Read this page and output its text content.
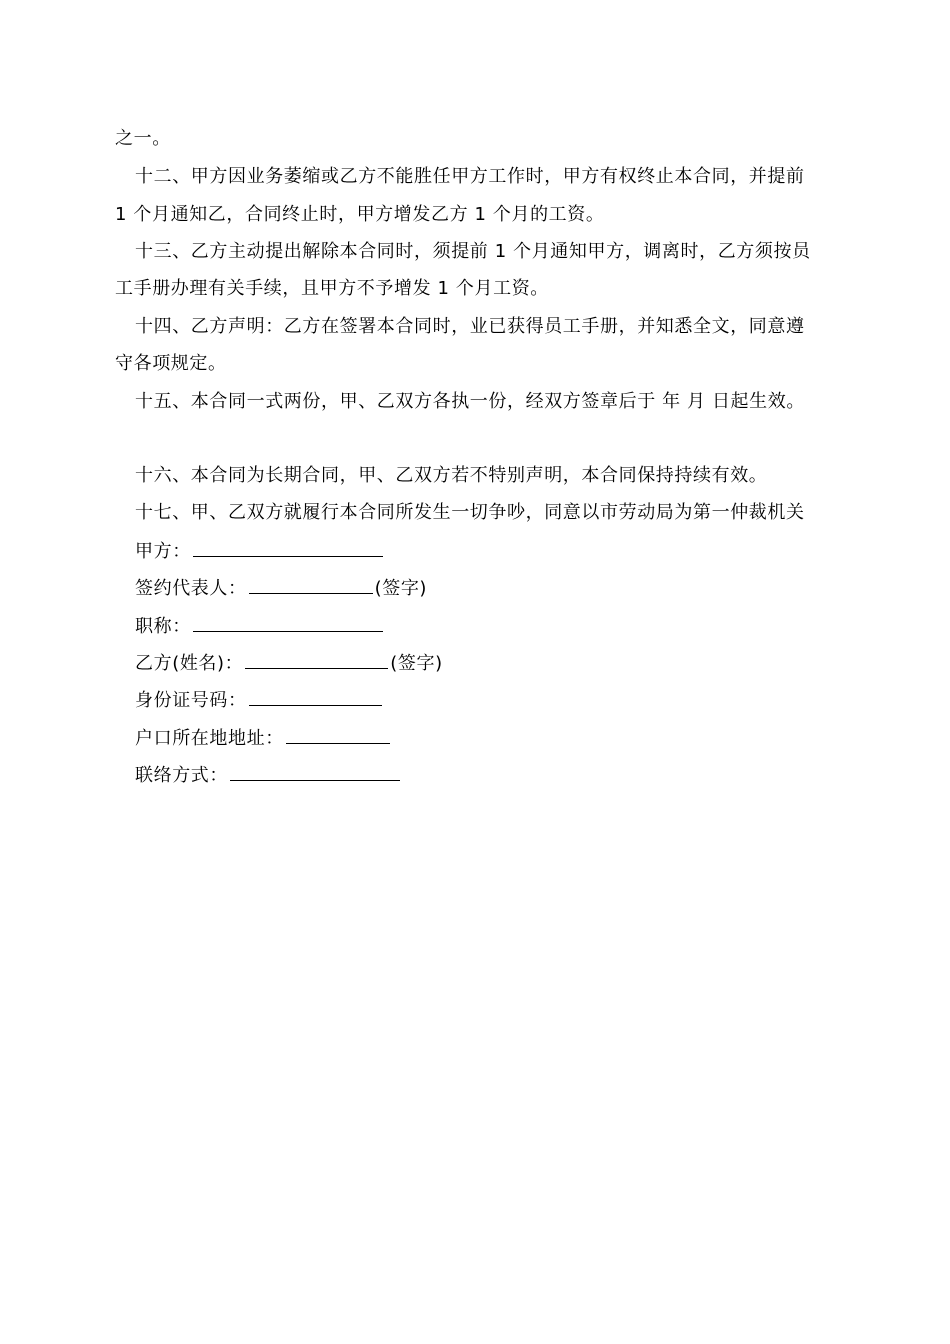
之一。
十二、甲方因业务萎缩或乙方不能胜任甲方工作时，甲方有权终止本合同，并提前
1 个月通知乙，合同终止时，甲方增发乙方 1 个月的工资。
十三、乙方主动提出解除本合同时，须提前 1 个月通知甲方，调离时，乙方须按员
工手册办理有关手续，且甲方不予增发 1 个月工资。
十四、乙方声明：乙方在签署本合同时，业已获得员工手册，并知悉全文，同意遵
守各项规定。
十五、本合同一式两份，甲、乙双方各执一份，经双方签章后于 年 月 日起生效。
十六、本合同为长期合同，甲、乙双方若不特别声明，本合同保持持续有效。
十七、甲、乙双方就履行本合同所发生一切争吵，同意以市劳动局为第一仲裁机关
甲方：
签约代表人：	(签字)
职称：
乙方(姓名)：	(签字)
身份证号码：
户口所在地地址：
联络方式：
